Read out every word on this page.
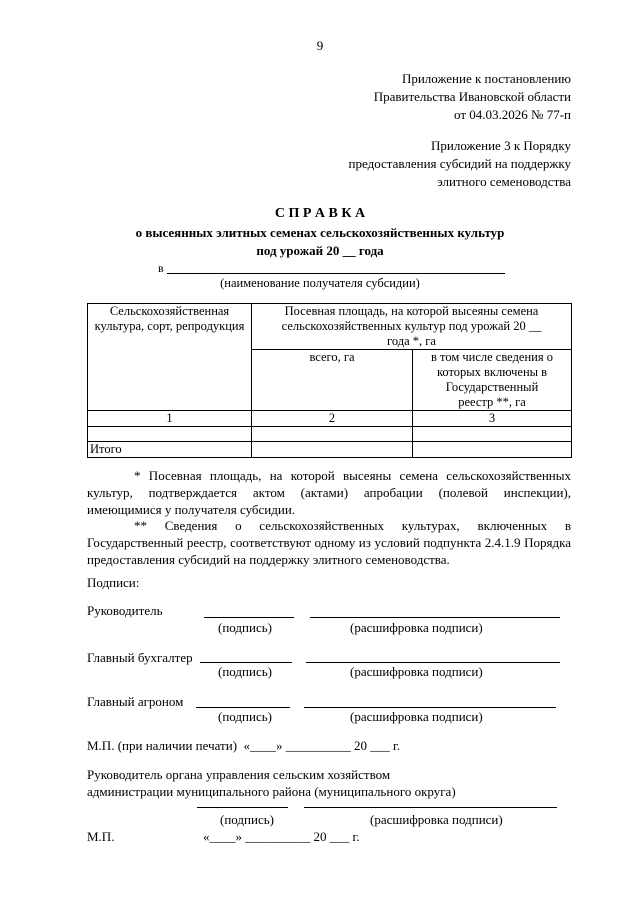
9
Приложение к постановлению
Правительства Ивановской области
от 04.03.2026 № 77-п
Приложение 3 к Порядку
предоставления субсидий на поддержку
элитного семеноводства
С П Р А В К А
о высеянных элитных семенах сельскохозяйственных культур
под урожай 20 __ года
в
(наименование получателя субсидии)
Сельскохозяйственная культура, сорт, репродукция	Посевная площадь, на которой высеяны семена сельскохозяйственных культур под урожай 20 __ года *, га	
	всего, га	в том числе сведения о которых включены в Государственный реестр **, га
1	2	3

Итого		

* Посевная площадь, на которой высеяны семена сельскохозяйственных культур, подтверждается актом (актами) апробации (полевой инспекции), имеющимися у получателя субсидии.

** Сведения о сельскохозяйственных культурах, включенных в Государственный реестр, соответствуют одному из условий подпункта 2.4.1.9 Порядка предоставления субсидий на поддержку элитного семеноводства.

Подписи:
Руководитель
(подпись)	(расшифровка подписи)
Главный бухгалтер
(подпись)	(расшифровка подписи)
Главный агроном
(подпись)	(расшифровка подписи)
М.П. (при наличии печати)  «____» __________ 20 ___ г.
Руководитель органа управления сельским хозяйством
администрации муниципального района (муниципального округа)
(подпись)	(расшифровка подписи)
М.П.	«____» __________ 20 ___ г.
